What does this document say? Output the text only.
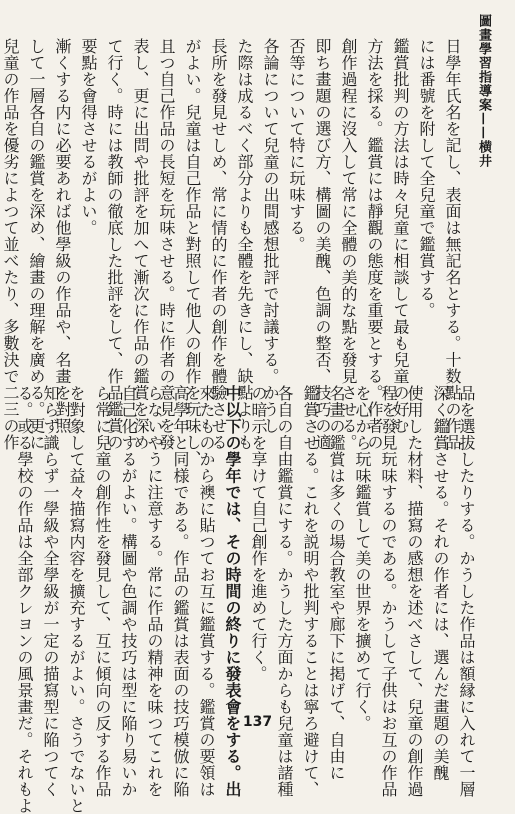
圖畫學習指導案——横井
日學年氏名を記し、表面は無記名とする。十数點の作品
には番號を附して全兒童で鑑賞する。
鑑賞批判の方法は時々兒童に相談して最も兒童の好む
方法を採る。鑑賞には靜觀の態度を重要とする。作者の
創作過程に沒入して常に全體の美的な點を發見させる。
即ち畫題の選び方、構圖の美醜、色調の整否、技巧の適
否等について特に玩味する。
各論について兒童の出間感想批評で討議する。かうし
た際は成るべく部分よりも全體を先きにし、缺點よりも
長所を發見せしめ、常に情的に作者の創作を體驗させる
がよい。兒童は自己作品と對照して他人の創作を玩味し、
且つ自己作品の長短を玩味させる。時に作者の意見を發
表し、更に出問や批評を加へて漸次に作品の鑑賞を深め
て行く。時には教師の徹底した批評をして、作品鑑賞の
要點を會得させるがよい。
漸くする内に必要あれば他學級の作品や、名畫を對照
して一層各自の鑑賞を深め、繪畫の理解を廣める。更に
兒童の作品を優劣によつて並べたり、多數決で二三の作
品を選拔したりする。かうした作品は額縁に入れて一層
深く鑑賞させる。それの作者には、選んだ畫題の美醜
使用した材料、描寫の感想を述べさして、兒童の創作過
程を發見玩味するのである。かうして子供はお互の作品
を心から玩味鑑賞して美の世界を擴めて行く。
名畫の鑑賞は多くの場合教室や廊下に掲げて、自由に
鑑賞させる。これを説明や批判することは寧ろ避けて、
各自の自由鑑賞にする。かうした方面からも兒童は諸種
の暗示を享けて自己創作を進めて行く。
中以下の學年では、その時間の終りに發表會をする。出
來たものから襖に貼つてお互に鑑賞する。鑑賞の要領は
高學年と同様である。作品の鑑賞は表面の技巧模倣に陥
らないやうに注意する。常に作品の精神を味つてこれを
自己化するがよい。構圖や色調や技巧は型に陥り易いか
ら常に兒童の創作性を發見して、互に傾向の反する作品
を對象して益々描寫内容を擴充するがよい。さうでないと
知らず識らず一學級や全學級が一定の描寫型に陥つてく
る。或る學校の作品は全部クレヨンの風景畫だ。それもよ	137
